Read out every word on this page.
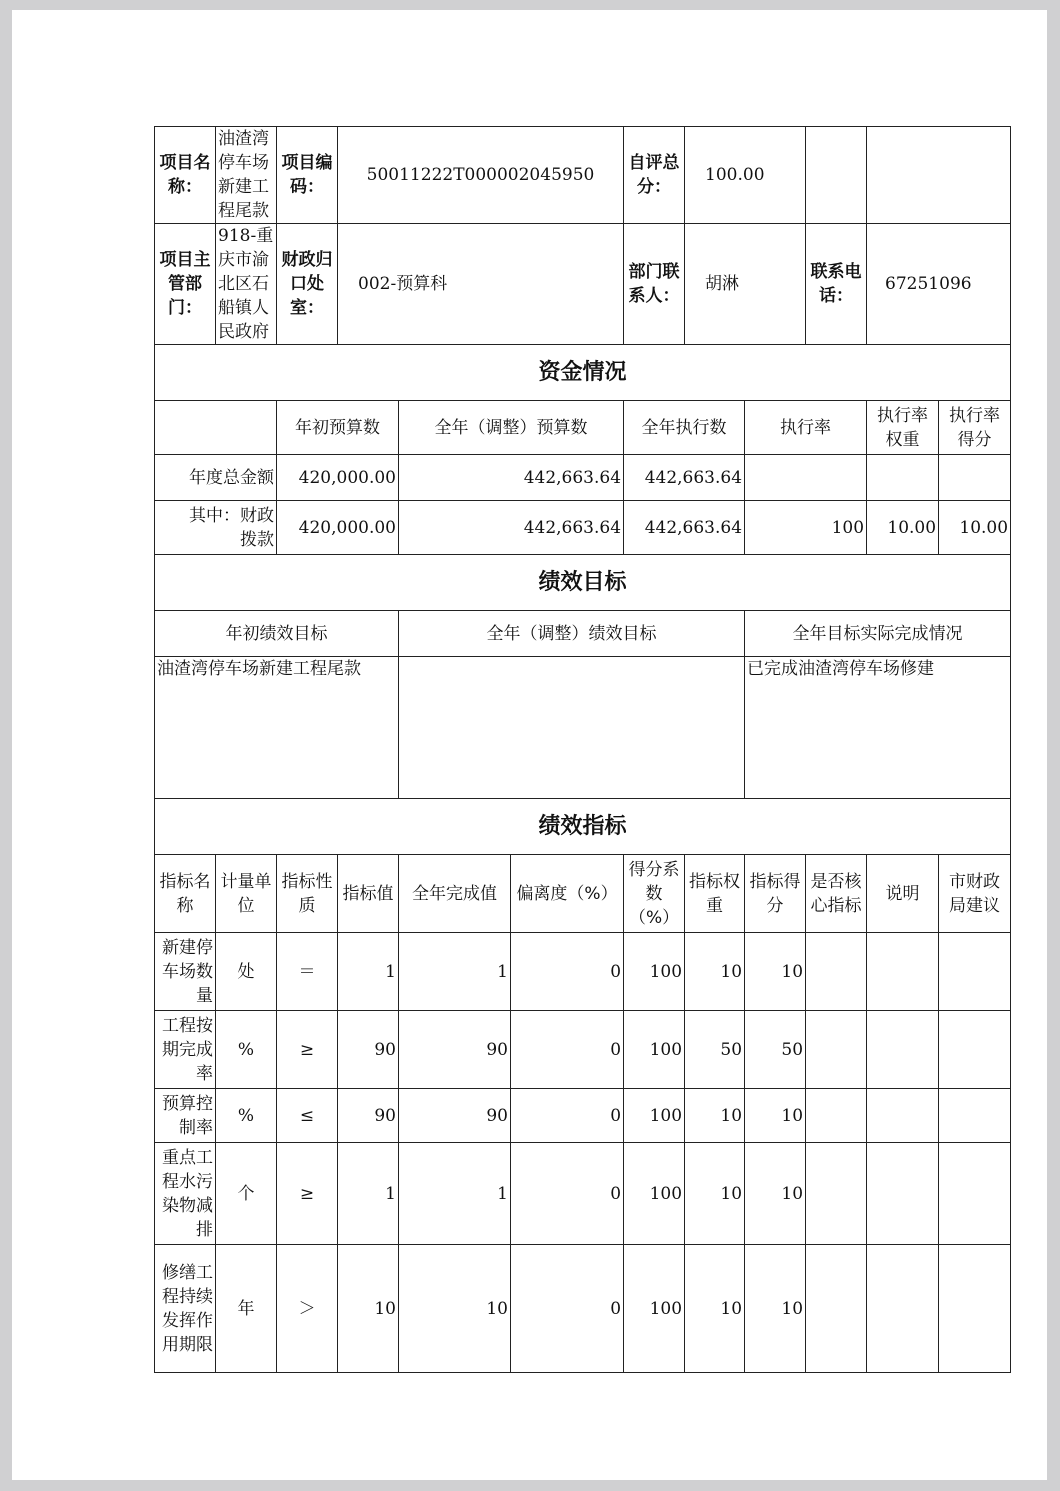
项目名称：	油渣湾停车场新建工程尾款	项目编码：	50011222T000002045950			自评总分：	100.00				
项目主管部门：	918-重庆市渝北区石船镇人民政府	财政归口处室：	002-预算科			部门联系人：	胡淋		联系电话：	67251096	
资金情况											
		年初预算数		全年（调整）预算数		全年执行数		执行率		执行率权重	执行率得分
年度总金额		420,000.00		442,663.64		442,663.64					
其中：财政拨款		420,000.00		442,663.64		442,663.64		100		10.00	10.00
绩效目标											
年初绩效目标				全年（调整）绩效目标				全年目标实际完成情况			
油渣湾停车场新建工程尾款								已完成油渣湾停车场修建			
绩效指标											
指标名称	计量单位	指标性质	指标值	全年完成值	偏离度（%）	得分系数（%）	指标权重	指标得分	是否核心指标	说明	市财政局建议
新建停车场数量	处	＝	1	1	0	100	10	10			
工程按期完成率	%	≥	90	90	0	100	50	50			
预算控制率	%	≤	90	90	0	100	10	10			
重点工程水污染物减排	个	≥	1	1	0	100	10	10			
修缮工程持续发挥作用期限	年	＞	10	10	0	100	10	10			
